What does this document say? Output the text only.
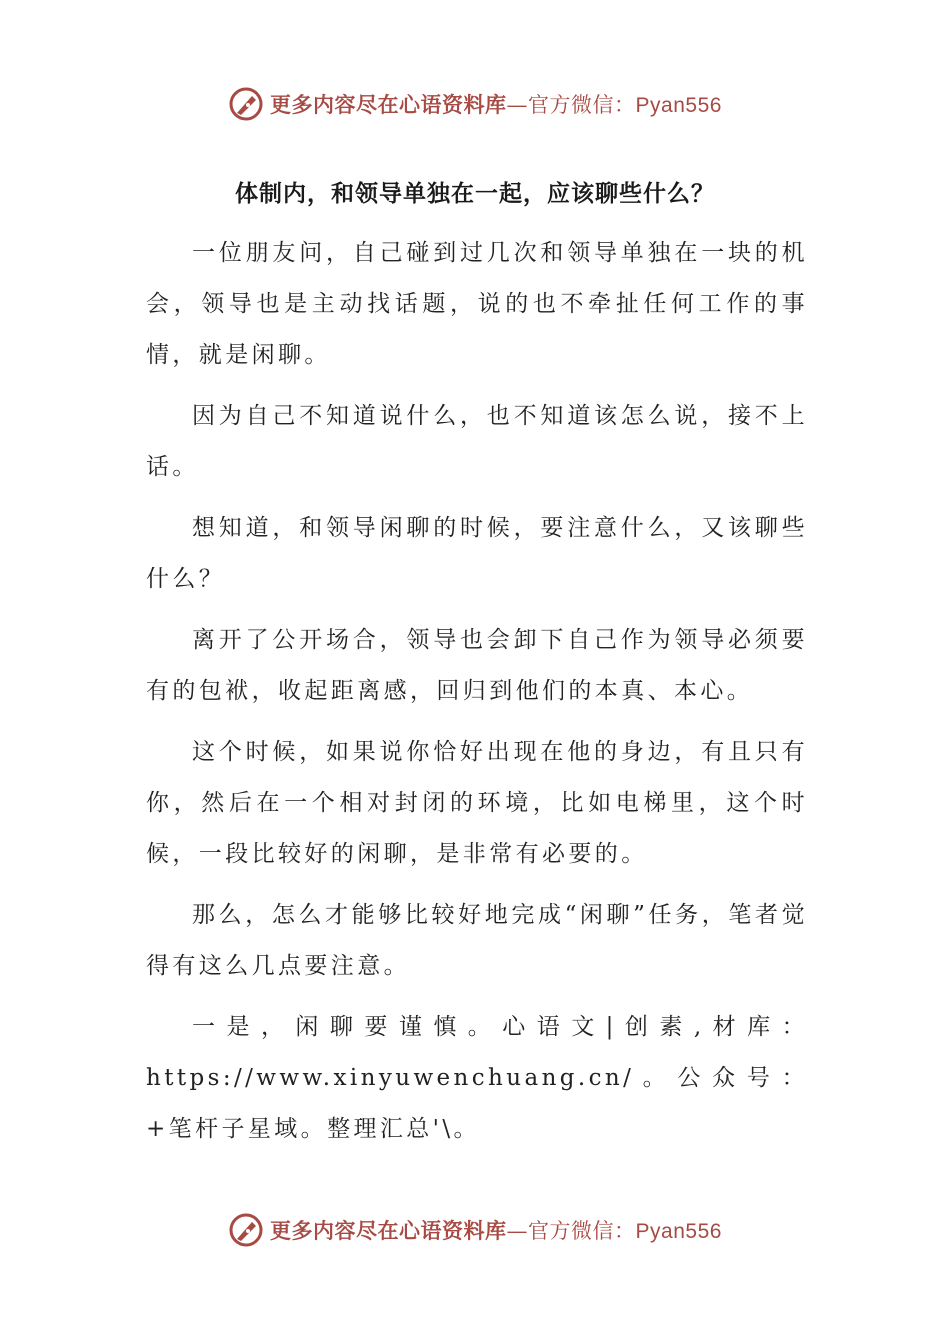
更多内容尽在心语资料库—官方微信：Pyan556
体制内，和领导单独在一起，应该聊些什么？

一位朋友问，自己碰到过几次和领导单独在一块的机会，领导也是主动找话题，说的也不牵扯任何工作的事情，就是闲聊。

因为自己不知道说什么，也不知道该怎么说，接不上话。

想知道，和领导闲聊的时候，要注意什么，又该聊些什么？

离开了公开场合，领导也会卸下自己作为领导必须要有的包袱，收起距离感，回归到他们的本真、本心。

这个时候，如果说你恰好出现在他的身边，有且只有你，然后在一个相对封闭的环境，比如电梯里，这个时候，一段比较好的闲聊，是非常有必要的。

那么，怎么才能够比较好地完成“闲聊”任务，笔者觉得有这么几点要注意。

一是，闲聊要谨慎。心语文|创素,材库：https://www.xinyuwenchuang.cn/。公众号：+笔杆子星域。整理汇总'\。

更多内容尽在心语资料库—官方微信：Pyan556
